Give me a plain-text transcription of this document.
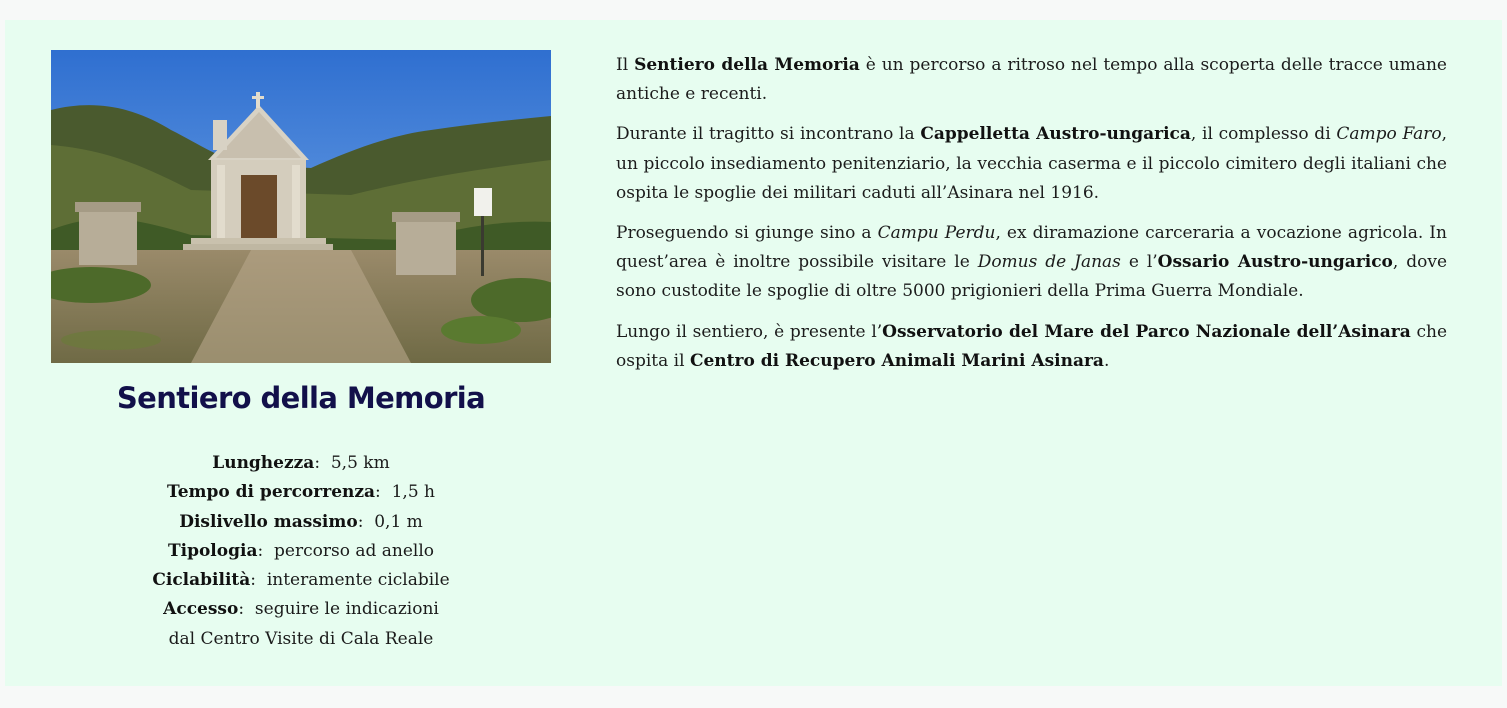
Sentiero della Memoria
Lunghezza: 5,5 km
Tempo di percorrenza: 1,5 h
Dislivello massimo: 0,1 m
Tipologia: percorso ad anello
Ciclabilità: interamente ciclabile
Accesso: seguire le indicazioni
dal Centro Visite di Cala Reale

Il Sentiero della Memoria è un percorso a ritroso nel tempo alla scoperta delle tracce umane antiche e recenti.

Durante il tragitto si incontrano la Cappelletta Austro-ungarica, il complesso di Campo Faro, un piccolo insediamento penitenziario, la vecchia caserma e il piccolo cimitero degli italiani che ospita le spoglie dei militari caduti all’Asinara nel 1916.

Proseguendo si giunge sino a Campu Perdu, ex diramazione carceraria a vocazione agricola. In quest’area è inoltre possibile visitare le Domus de Janas e l’Ossario Austro-ungarico, dove sono custodite le spoglie di oltre 5000 prigionieri della Prima Guerra Mondiale.

Lungo il sentiero, è presente l’Osservatorio del Mare del Parco Nazionale dell’Asinara che ospita il Centro di Recupero Animali Marini Asinara.
